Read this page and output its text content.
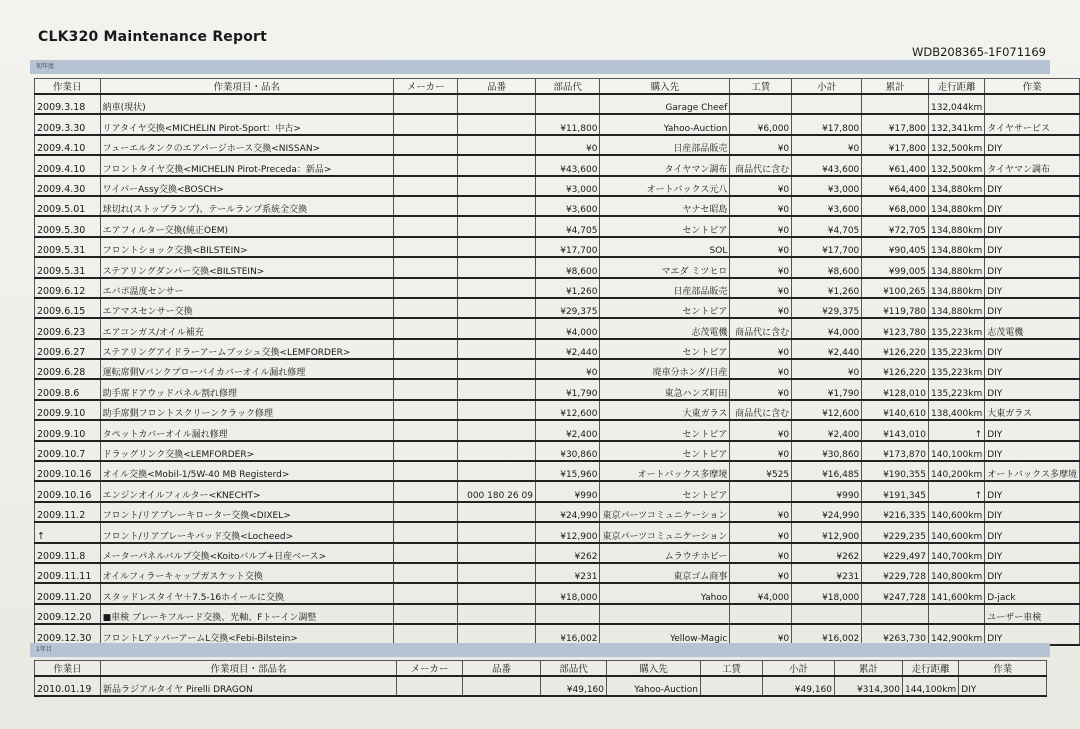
CLK320 Maintenance Report
WDB208365-1F071169
初年度
作業日	作業項目・品名	メーカー	品番	部品代	購入先	工賃	小計	累計	走行距離	作業
2009.3.18	納車(現状)				Garage Cheef				132,044km	
2009.3.30	リアタイヤ交換<MICHELIN Pirot-Sport：中古>			¥11,800	Yahoo-Auction	¥6,000	¥17,800	¥17,800	132,341km	タイヤサービス
2009.4.10	フューエルタンクのエアパージホース交換<NISSAN>			¥0	日産部品販売	¥0	¥0	¥17,800	132,500km	DIY
2009.4.10	フロントタイヤ交換<MICHELIN Pirot-Preceda：新品>			¥43,600	タイヤマン調布	商品代に含む	¥43,600	¥61,400	132,500km	タイヤマン調布
2009.4.30	ワイパーAssy交換<BOSCH>			¥3,000	オートバックス元八	¥0	¥3,000	¥64,400	134,880km	DIY
2009.5.01	球切れ(ストップランプ)、テールランプ系統全交換			¥3,600	ヤナセ昭島	¥0	¥3,600	¥68,000	134,880km	DIY
2009.5.30	エアフィルター交換(純正OEM)			¥4,705	セントピア	¥0	¥4,705	¥72,705	134,880km	DIY
2009.5.31	フロントショック交換<BILSTEIN>			¥17,700	SOL	¥0	¥17,700	¥90,405	134,880km	DIY
2009.5.31	ステアリングダンパー交換<BILSTEIN>			¥8,600	マエダ ミツヒロ	¥0	¥8,600	¥99,005	134,880km	DIY
2009.6.12	エバポ温度センサー			¥1,260	日産部品販売	¥0	¥1,260	¥100,265	134,880km	DIY
2009.6.15	エアマスセンサー交換			¥29,375	セントピア	¥0	¥29,375	¥119,780	134,880km	DIY
2009.6.23	エアコンガス/オイル補充			¥4,000	志茂電機	商品代に含む	¥4,000	¥123,780	135,223km	志茂電機
2009.6.27	ステアリングアイドラーアームブッシュ交換<LEMFORDER>			¥2,440	セントピア	¥0	¥2,440	¥126,220	135,223km	DIY
2009.6.28	運転席側Vバンクブローバイカバーオイル漏れ修理			¥0	廃車分ホンダ/日産	¥0	¥0	¥126,220	135,223km	DIY
2009.8.6	助手席ドアウッドパネル割れ修理			¥1,790	東急ハンズ町田	¥0	¥1,790	¥128,010	135,223km	DIY
2009.9.10	助手席側フロントスクリーンクラック修理			¥12,600	大東ガラス	商品代に含む	¥12,600	¥140,610	138,400km	大東ガラス
2009.9.10	タペットカバーオイル漏れ修理			¥2,400	セントピア	¥0	¥2,400	¥143,010	↑	DIY
2009.10.7	ドラッグリンク交換<LEMFORDER>			¥30,860	セントピア	¥0	¥30,860	¥173,870	140,100km	DIY
2009.10.16	オイル交換<Mobil-1/5W-40 MB Registerd>			¥15,960	オートバックス多摩境	¥525	¥16,485	¥190,355	140,200km	オートバックス多摩境
2009.10.16	エンジンオイルフィルター<KNECHT>		000 180 26 09	¥990	セントピア		¥990	¥191,345	↑	DIY
2009.11.2	フロント/リアブレーキローター交換<DIXEL>			¥24,990	東京パーツコミュニケーション	¥0	¥24,990	¥216,335	140,600km	DIY
↑	フロント/リアブレーキパッド交換<Locheed>			¥12,900	東京パーツコミュニケーション	¥0	¥12,900	¥229,235	140,600km	DIY
2009.11.8	メーターパネルバルブ交換<Koitoバルブ+日産ベース>			¥262	ムラウチホビー	¥0	¥262	¥229,497	140,700km	DIY
2009.11.11	オイルフィラーキャップガスケット交換			¥231	東京ゴム商事	¥0	¥231	¥229,728	140,800km	DIY
2009.11.20	スタッドレスタイヤ＋7.5-16ホイールに交換			¥18,000	Yahoo	¥4,000	¥18,000	¥247,728	141,600km	D-jack
2009.12.20	■車検 ブレーキフルード交換、光軸、Fトーイン調整									ユーザー車検
2009.12.30	フロントLアッパーアームL交換<Febi-Bilstein>			¥16,002	Yellow-Magic	¥0	¥16,002	¥263,730	142,900km	DIY
1年目
作業日	作業項目・部品名	メーカー	品番	部品代	購入先	工賃	小計	累計	走行距離	作業
2010.01.19	新品ラジアルタイヤ Pirelli DRAGON			¥49,160	Yahoo-Auction		¥49,160	¥314,300	144,100km	DIY
